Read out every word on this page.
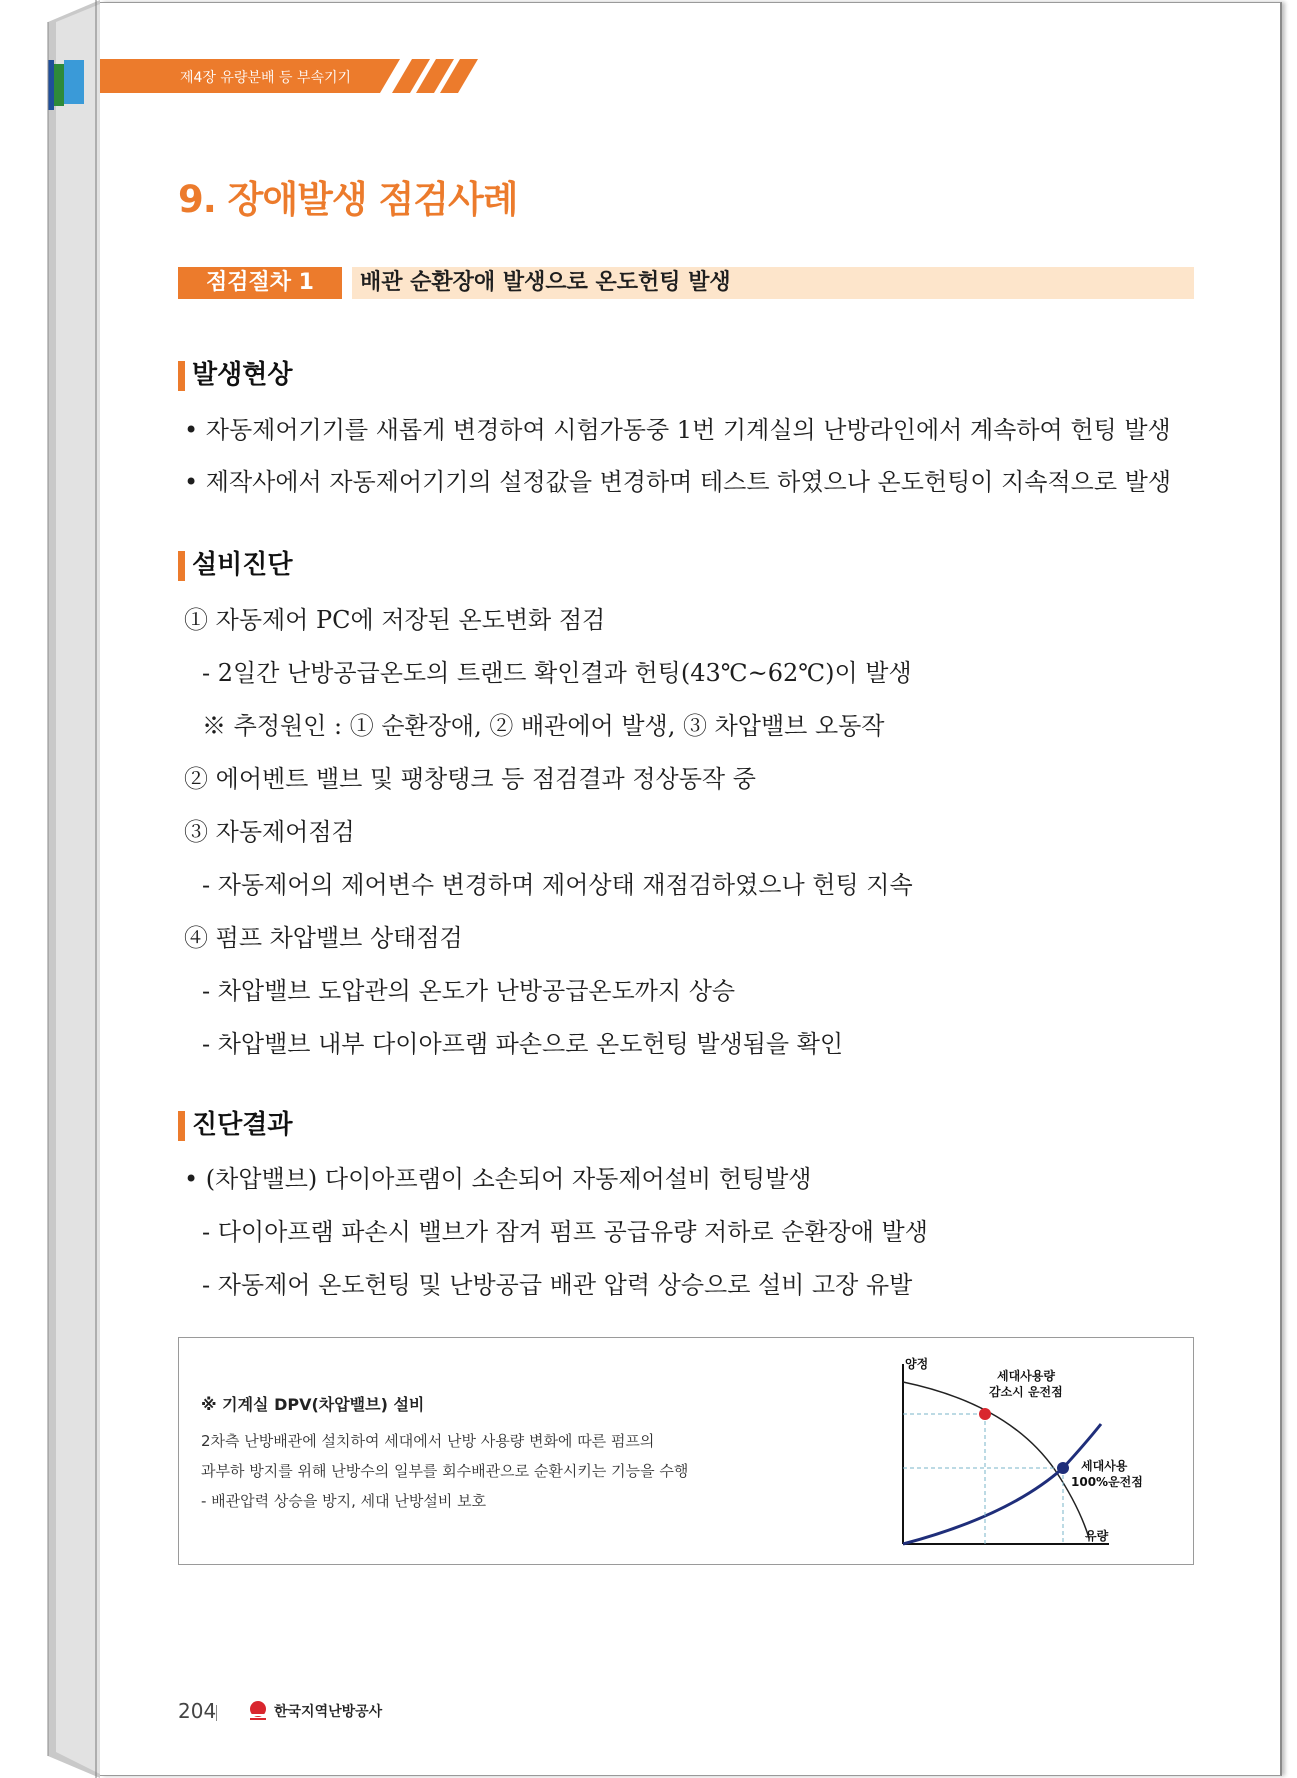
제4장 유량분배 등 부속기기
9. 장애발생 점검사례
점검절차 1	배관 순환장애 발생으로 온도헌팅 발생
발생현상
• 자동제어기기를 새롭게 변경하여 시험가동중 1번 기계실의 난방라인에서 계속하여 헌팅 발생
• 제작사에서 자동제어기기의 설정값을 변경하며 테스트 하였으나 온도헌팅이 지속적으로 발생
설비진단
① 자동제어 PC에 저장된 온도변화 점검
- 2일간 난방공급온도의 트랜드 확인결과 헌팅(43℃~62℃)이 발생
※ 추정원인 : ① 순환장애, ② 배관에어 발생, ③ 차압밸브 오동작
② 에어벤트 밸브 및 팽창탱크 등 점검결과 정상동작 중
③ 자동제어점검
- 자동제어의 제어변수 변경하며 제어상태 재점검하였으나 헌팅 지속
④ 펌프 차압밸브 상태점검
- 차압밸브 도압관의 온도가 난방공급온도까지 상승
- 차압밸브 내부 다이아프램 파손으로 온도헌팅 발생됨을 확인
진단결과
• (차압밸브) 다이아프램이 소손되어 자동제어설비 헌팅발생
- 다이아프램 파손시 밸브가 잠겨 펌프 공급유량 저하로 순환장애 발생
- 자동제어 온도헌팅 및 난방공급 배관 압력 상승으로 설비 고장 유발
※ 기계실 DPV(차압밸브) 설비
2차측 난방배관에 설치하여 세대에서 난방 사용량 변화에 따른 펌프의
과부하 방지를 위해 난방수의 일부를 회수배관으로 순환시키는 기능을 수행
- 배관압력 상승을 방지, 세대 난방설비 보호
양정
유량
세대사용량
감소시 운전점
세대사용
100%운전점
204	한국지역난방공사
